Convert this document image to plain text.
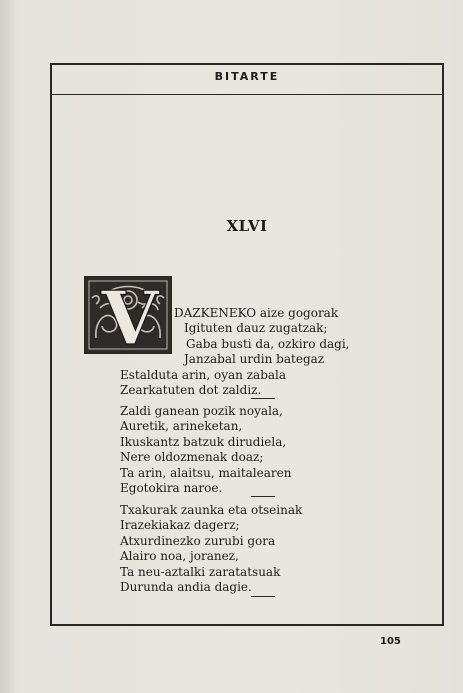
BITARTE
XLVI
V	DAZKENEKO aize gogorak
Igituten dauz zugatzak;
Gaba busti da, ozkiro dagi,
Janzabal urdin bategaz
Estalduta arin, oyan zabala
Zearkatuten dot zaldiz.
Zaldi ganean pozik noyala,
Auretik, arineketan,
Ikuskantz batzuk dirudiela,
Nere oldozmenak doaz;
Ta arin, alaitsu, maitalearen
Egotokira naroe.
Txakurak zaunka eta otseinak
Irazekiakaz dagerz;
Atxurdinezko zurubi gora
Alairo noa, joranez,
Ta neu-aztalki zaratatsuak
Durunda andia dagie.
105
